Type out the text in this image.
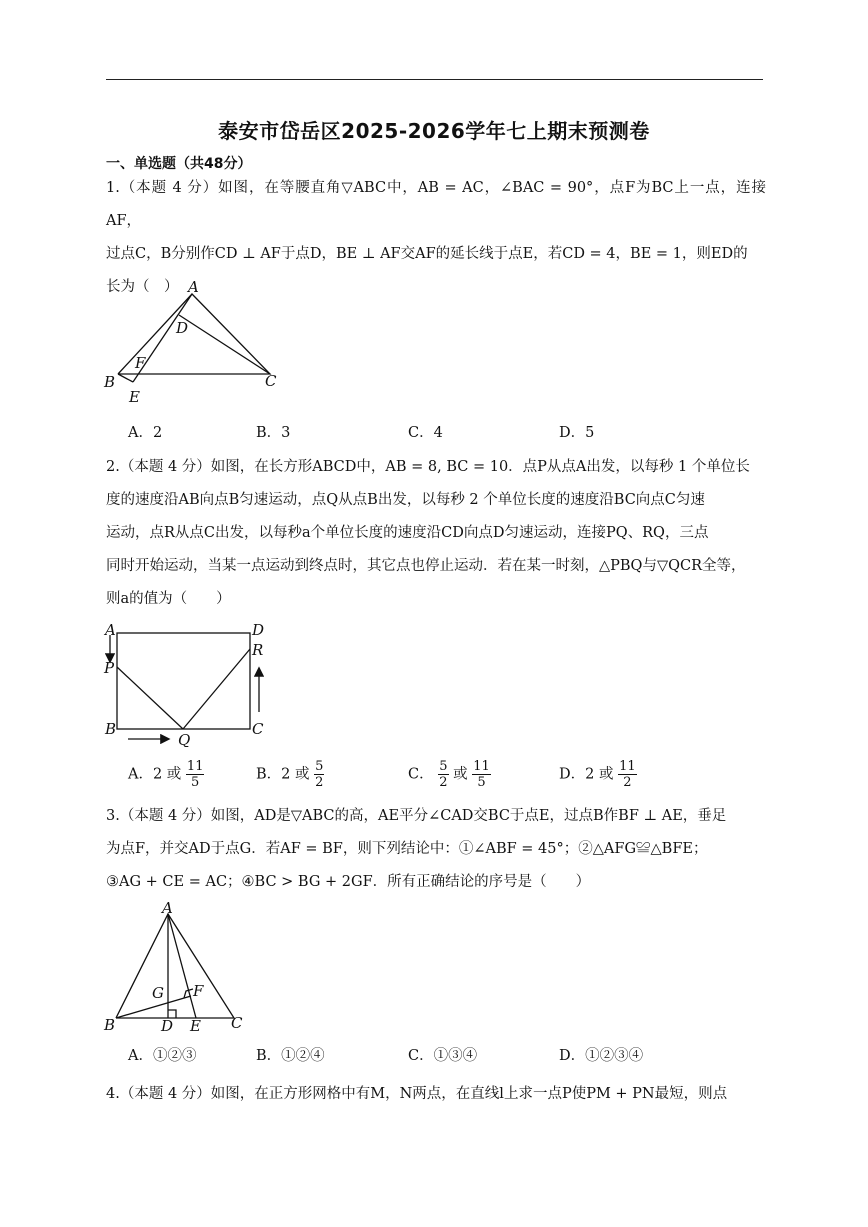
泰安市岱岳区2025-2026学年七上期末预测卷
一、单选题（共48分）
1.（本题 4 分）如图，在等腰直角▽ABC中，AB = AC，∠BAC = 90°，点F为BC上一点，连接AF，
过点C，B分别作CD ⊥ AF于点D，BE ⊥ AF交AF的延长线于点E，若CD = 4，BE = 1，则ED的
长为（　） A
D
F
B	C
E
A．2	B．3	C．4	D．5
2.（本题 4 分）如图，在长方形ABCD中，AB = 8, BC = 10．点P从点A出发，以每秒 1 个单位长
度的速度沿AB向点B匀速运动，点Q从点B出发，以每秒 2 个单位长度的速度沿BC向点C匀速
运动，点R从点C出发，以每秒a个单位长度的速度沿CD向点D匀速运动，连接PQ、RQ，三点
同时开始运动，当某一点运动到终点时，其它点也停止运动．若在某一时刻，△PBQ与▽QCR全等，
则a的值为（　　）
A	D
P
R
B	C
Q
A．2 或 $\frac{11}{5}$	B．2 或 $\frac{5}{2}$	C． $\frac{5}{2}$ 或 $\frac{11}{5}$	D．2 或 $\frac{11}{2}$
3.（本题 4 分）如图，AD是▽ABC的高，AE平分∠CAD交BC于点E，过点B作BF ⊥ AE，垂足
为点F，并交AD于点G．若AF = BF，则下列结论中：①∠ABF = 45°；②△AFG≌△BFE；
③AG + CE = AC；④BC > BG + 2GF．所有正确结论的序号是（　　）
A
G F
B	D E C
A．①②③	B．①②④	C．①③④	D．①②③④
4.（本题 4 分）如图，在正方形网格中有M，N两点，在直线l上求一点P使PM + PN最短，则点
